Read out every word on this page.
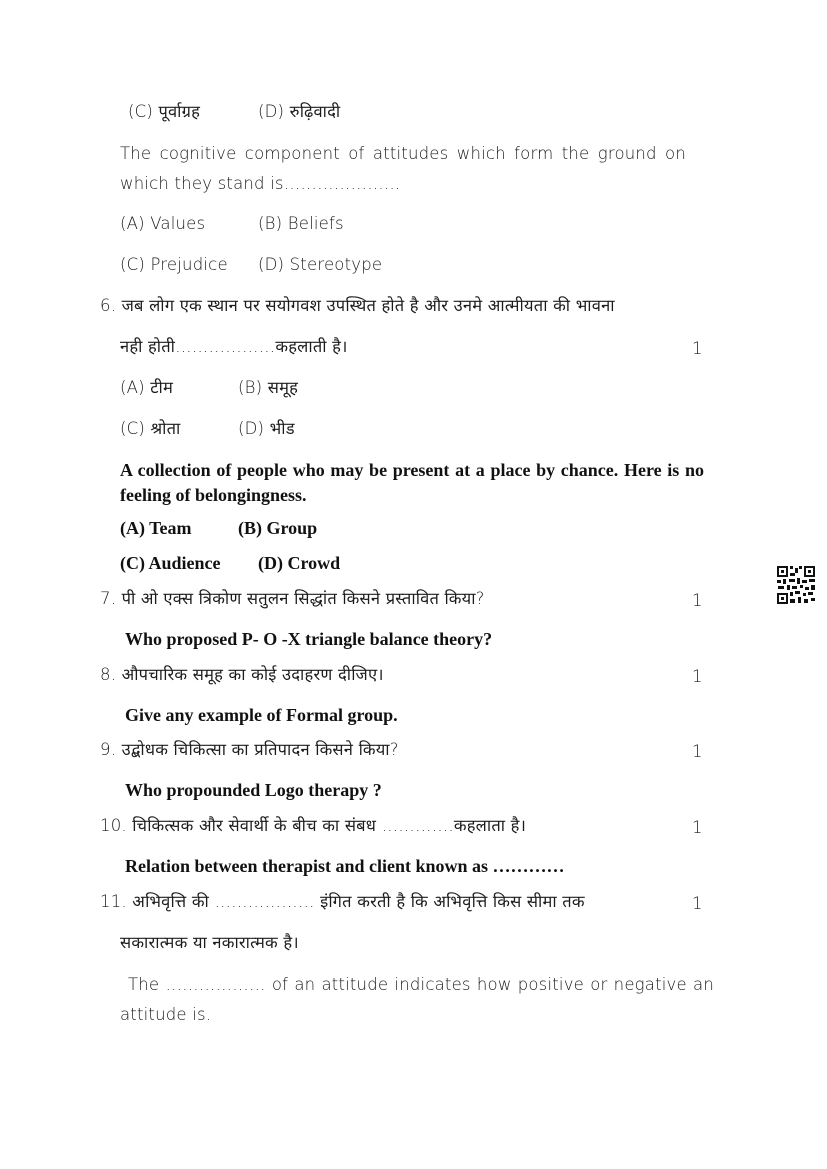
(C) पूर्वाग्रह	(D) रुढ़िवादी
The cognitive component of attitudes which form the ground on which they stand is…………………
(A) Values	(B) Beliefs
(C) Prejudice (D) Stereotype
6. जब लोग एक स्थान पर सयोगवश उपस्थित होते है और उनमे आत्मीयता की भावना
नही होती………………कहलाती है।	1
(A) टीम	(B) समूह
(C) श्रोता	(D) भीड
A collection of people who may be present at a place by chance. Here is no feeling of belongingness.
(A) Team	(B) Group
(C) Audience (D) Crowd
7. पी ओ एक्स त्रिकोण सतुलन सिद्धांत किसने प्रस्तावित किया?	1
Who proposed P- O -X triangle balance theory?
8. औपचारिक समूह का कोई उदाहरण दीजिए।	1
Give any example of Formal group.
9. उद्बोधक चिकित्सा का प्रतिपादन किसने किया?	1
Who propounded Logo therapy ?
10. चिकित्सक और सेवार्थी के बीच का संबध ………….कहलाता है।	1
Relation between therapist and client known as …………
11. अभिवृत्ति की ……………… इंगित करती है कि अभिवृत्ति किस सीमा तक	1
सकारात्मक या नकारात्मक है।
The ……………… of an attitude indicates how positive or negative an attitude is.
